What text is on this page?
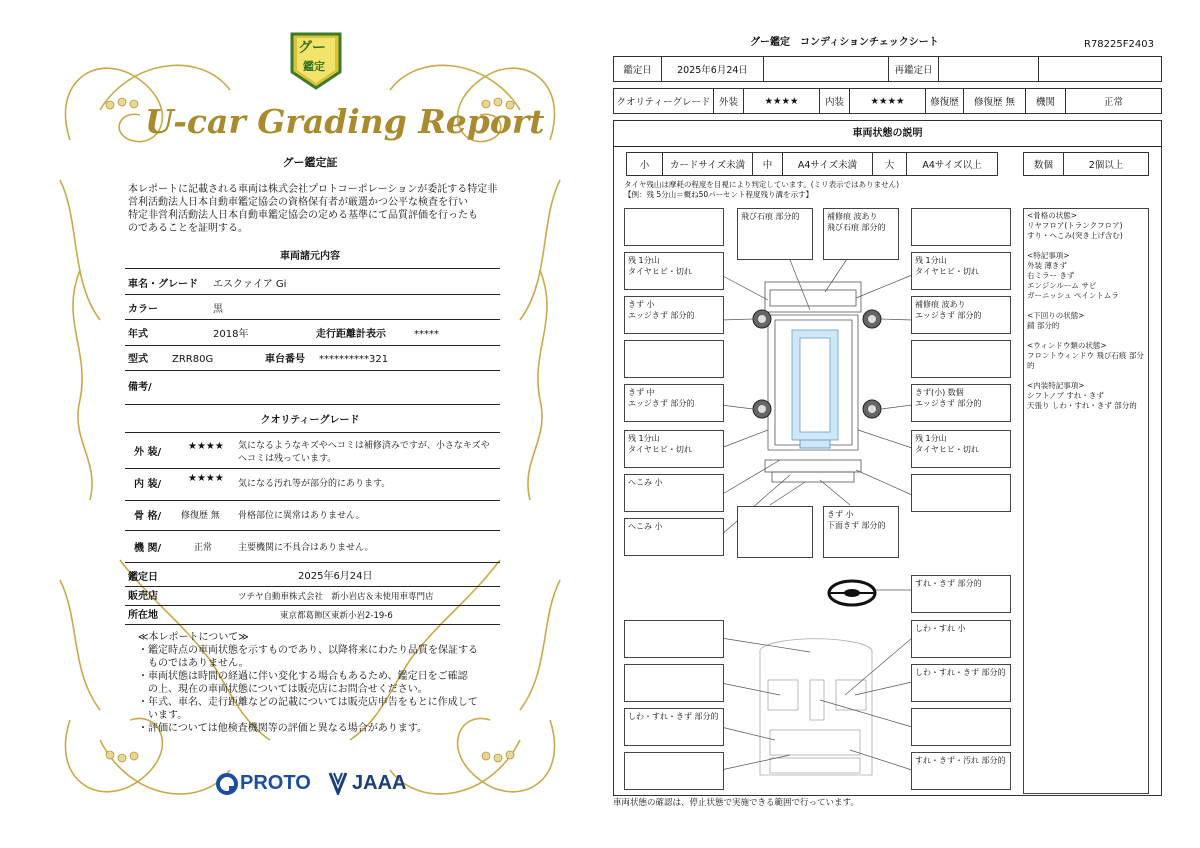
グー
鑑定
U-car Grading Report
グー鑑定証
本レポートに記載される車両は株式会社プロトコーポレーションが委託する特定非
営利活動法人日本自動車鑑定協会の資格保有者が厳選かつ公平な検査を行い
特定非営利活動法人日本自動車鑑定協会の定める基準にて品質評価を行ったも
のであることを証明する。
車両諸元内容
車名・グレード エスクァイア Gi
カラー	黒
年式	2018年	走行距離計表示	*****
型式 ZRR80G	車台番号 **********321
備考/
クオリティーグレード
外 装/
★★★★ 気になるようなキズやヘコミは補修済みですが、小さなキズや
ヘコミは残っています。
内 装/
★★★★ 気になる汚れ等が部分的にあります。
骨 格/ 修復歴 無 骨格部位に異常はありません。
機 関/	正常	主要機関に不具合はありません。
鑑定日	2025年6月24日
販売店	ツチヤ自動車株式会社　新小岩店＆未使用車専門店
所在地	東京都葛飾区東新小岩2-19-6
≪本レポートについて≫
・鑑定時点の車両状態を示すものであり、以降将来にわたり品質を保証する
　ものではありません。
・車両状態は時間の経過に伴い変化する場合もあるため、鑑定日をご確認
　の上、現在の車両状態については販売店にお問合せください。
・年式、車名、走行距離などの記載については販売店申告をもとに作成して
　います。
・評価については他検査機関等の評価と異なる場合があります。
PROTO JAAA
グー鑑定　コンディションチェックシート	R78225F2403
鑑定日	2025年6月24日	再鑑定日
クオリティーグレード 外装	★★★★	内装	★★★★	修復歴	修復歴 無	機関	正常
車両状態の説明
小	カードサイズ未満	中	A4サイズ未満	大	A4サイズ以上	数個	2個以上
タイヤ残山は摩耗の程度を目視により判定しています。(ミリ表示ではありません)
【例：残 5分山＝概ね50パーセント程度残り溝を示す】
飛び石痕 部分的	補修痕 波あり
飛び石痕 部分的
残 1分山
タイヤヒビ・切れ
残 1分山
タイヤヒビ・切れ
きず 小
エッジきず 部分的
補修痕 波あり
エッジきず 部分的
きず 中
エッジきず 部分的
きず(小) 数個
エッジきず 部分的
残 1分山
タイヤヒビ・切れ
残 1分山
タイヤヒビ・切れ
へこみ 小
へこみ 小
きず 小
下面きず 部分的
<骨格の状態>
リヤフロア(トランクフロア)
すり・へこみ(突き上げ含む)
<特記事項>
外装 薄きず
右ミラー きず
エンジンルーム サビ
ガーニッシュ ペイントムラ
<下回りの状態>
錆 部分的
<ウィンドウ類の状態>
フロントウィンドウ 飛び石痕 部分的
<内装特記事項>
シフトノブ すれ・きず
天張り しわ・すれ・きず 部分的
すれ・きず 部分的
しわ・すれ 小
しわ・すれ・きず 部分的
しわ・すれ・きず 部分的
すれ・きず・汚れ 部分的
車両状態の確認は、停止状態で実施できる範囲で行っています。
